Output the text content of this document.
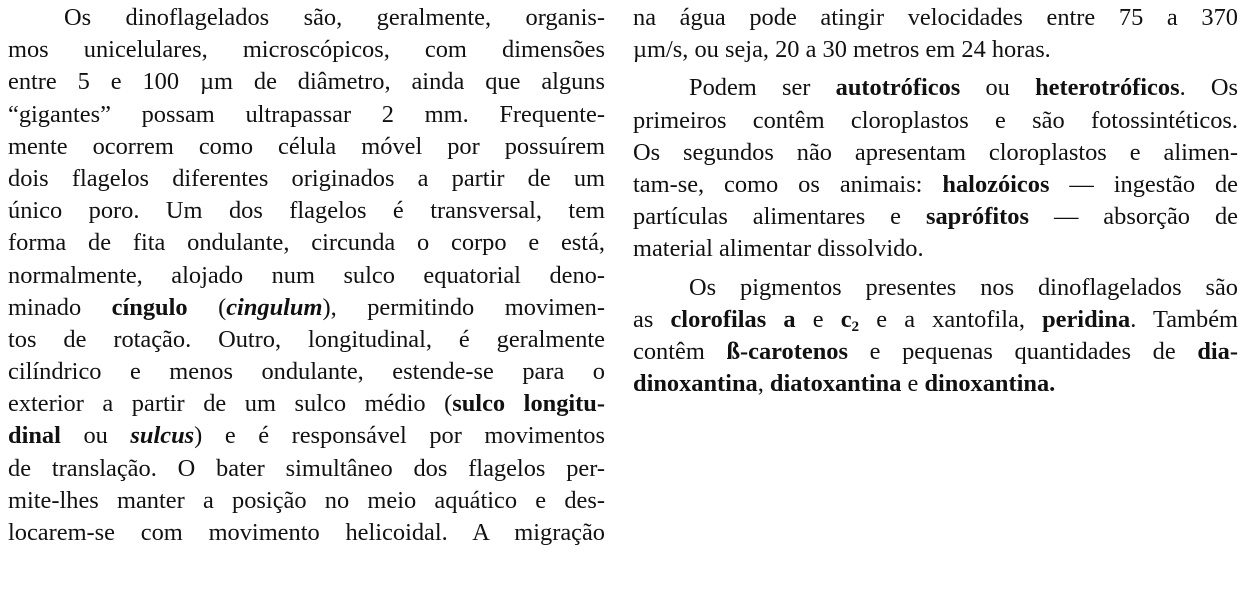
Os dinoflagelados são, geralmente, organis-
mos unicelulares, microscópicos, com dimensões
entre 5 e 100 µm de diâmetro, ainda que alguns
“gigantes” possam ultrapassar 2 mm. Frequente-
mente ocorrem como célula móvel por possuírem
dois flagelos diferentes originados a partir de um
único poro. Um dos flagelos é transversal, tem
forma de fita ondulante, circunda o corpo e está,
normalmente, alojado num sulco equatorial deno-
minado cíngulo (cingulum), permitindo movimen-
tos de rotação. Outro, longitudinal, é geralmente
cilíndrico e menos ondulante, estende-se para o
exterior a partir de um sulco médio (sulco longitu-
dinal ou sulcus) e é responsável por movimentos
de translação. O bater simultâneo dos flagelos per-
mite-lhes manter a posição no meio aquático e des-
locarem-se com movimento helicoidal. A migração
na água pode atingir velocidades entre 75 a 370
µm/s, ou seja, 20 a 30 metros em 24 horas.
Podem ser autotróficos ou heterotróficos. Os
primeiros contêm cloroplastos e são fotossintéticos.
Os segundos não apresentam cloroplastos e alimen-
tam-se, como os animais: halozóicos — ingestão de
partículas alimentares e saprófitos — absorção de
material alimentar dissolvido.
Os pigmentos presentes nos dinoflagelados são
as clorofilas a e $c_2$ e a xantofila, peridina. Também
contêm ß-carotenos e pequenas quantidades de dia-
dinoxantina, diatoxantina e dinoxantina.
